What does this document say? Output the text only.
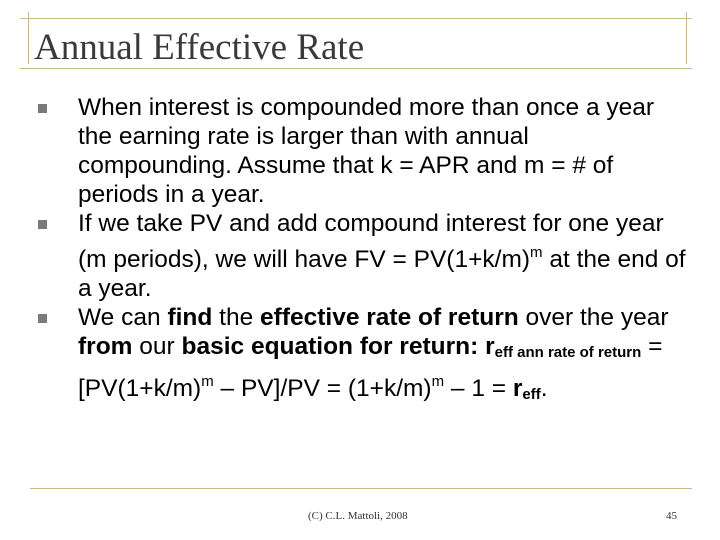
Annual Effective Rate
When interest is compounded more than once a year the earning rate is larger than with annual compounding. Assume that k = APR and m = # of periods in a year.
If we take PV and add compound interest for one year (m periods), we will have FV = $PV(1+k/m)^m$ at the end of a year.
We can find the effective rate of return over the year from our basic equation for return: $r_{eff ann rate of return} = [PV(1+k/m)^m - PV]/PV = (1+k/m)^m - 1 = r_{eff}$.
(C) C.L. Mattoli, 2008	45
